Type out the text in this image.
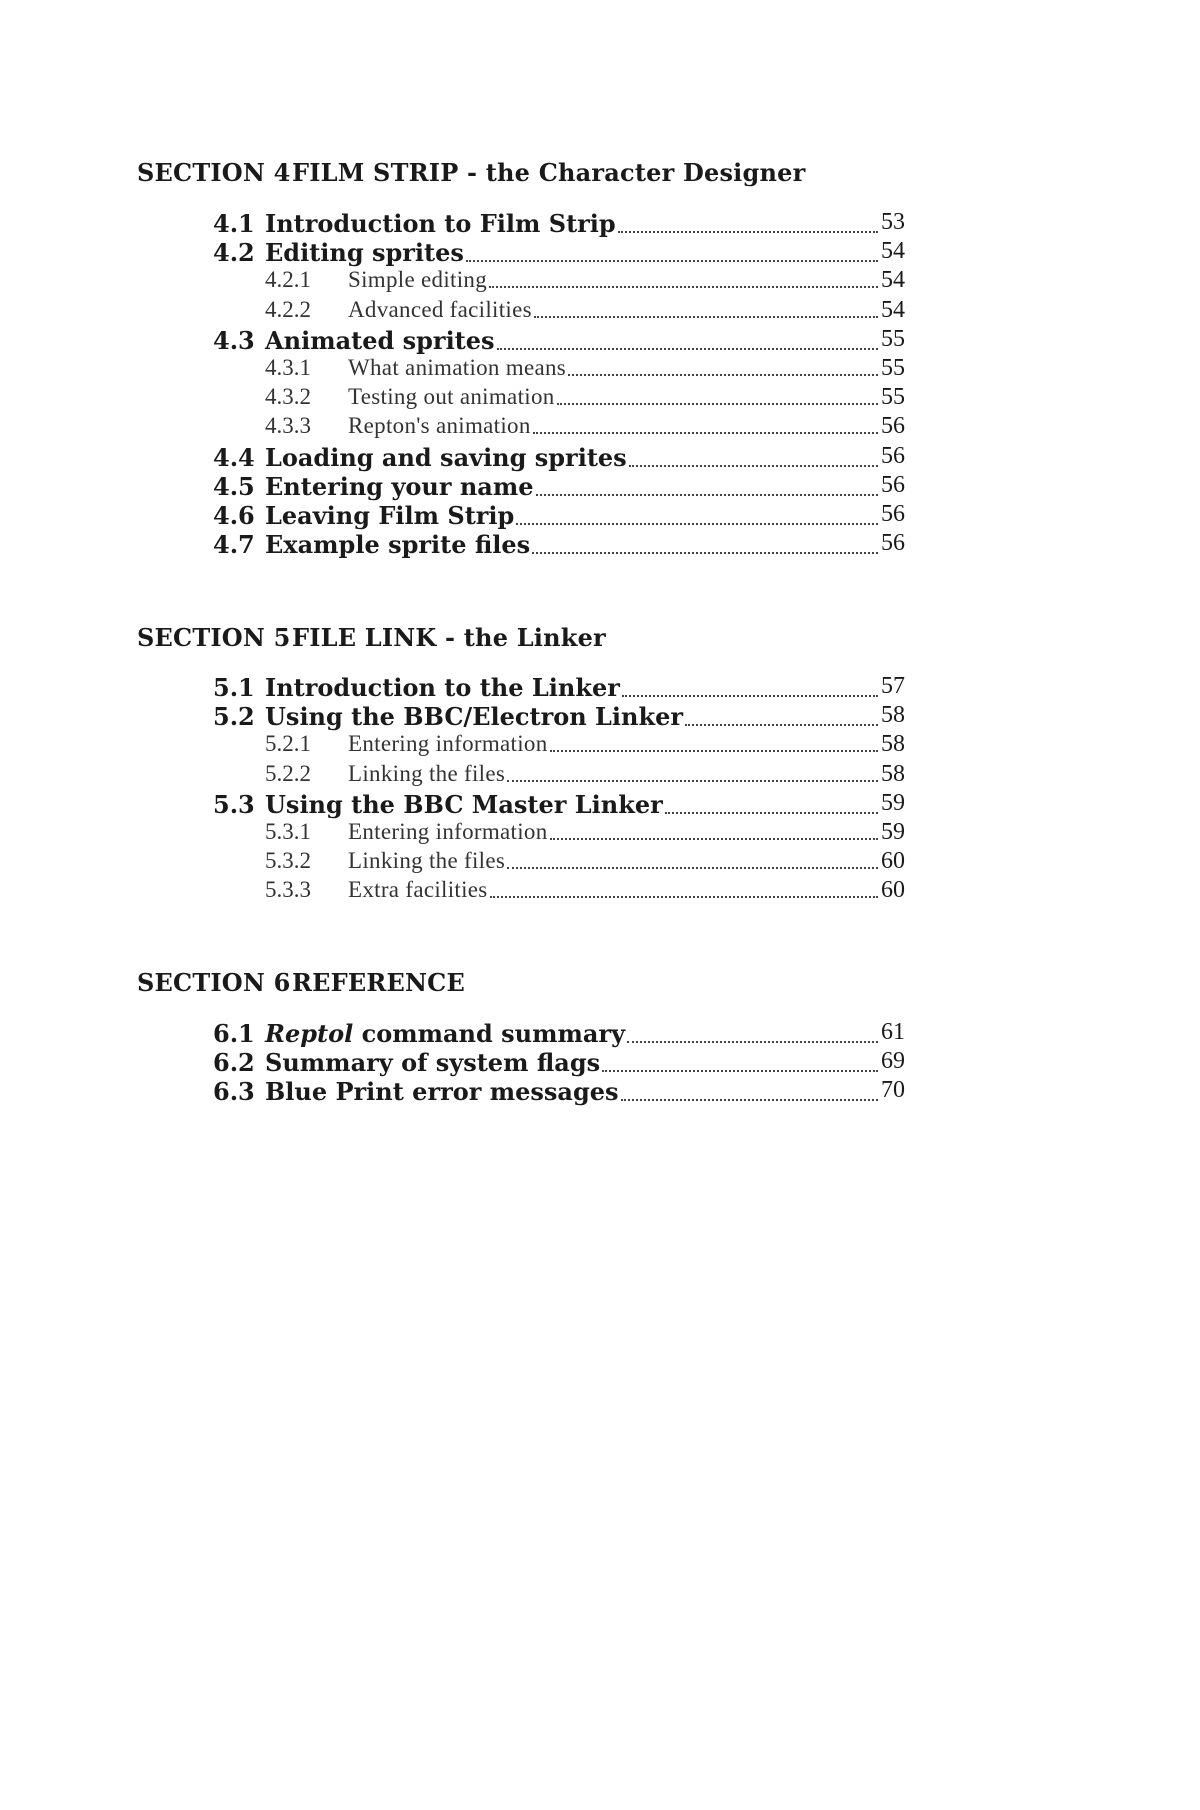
SECTION 4FILM STRIP - the Character Designer
4.1 Introduction to Film Strip	53
4.2 Editing sprites	54
4.2.1 Simple editing	54
4.2.2 Advanced facilities	54
4.3 Animated sprites	55
4.3.1 What animation means	55
4.3.2 Testing out animation	55
4.3.3 Repton's animation	56
4.4 Loading and saving sprites	56
4.5 Entering your name	56
4.6 Leaving Film Strip	56
4.7 Example sprite files	56
SECTION 5FILE LINK - the Linker
5.1 Introduction to the Linker	57
5.2 Using the BBC/Electron Linker	58
5.2.1 Entering information	58
5.2.2 Linking the files	58
5.3 Using the BBC Master Linker	59
5.3.1 Entering information	59
5.3.2 Linking the files	60
5.3.3 Extra facilities	60
SECTION 6REFERENCE
6.1 Reptol command summary	61
6.2 Summary of system flags	69
6.3 Blue Print error messages	70
